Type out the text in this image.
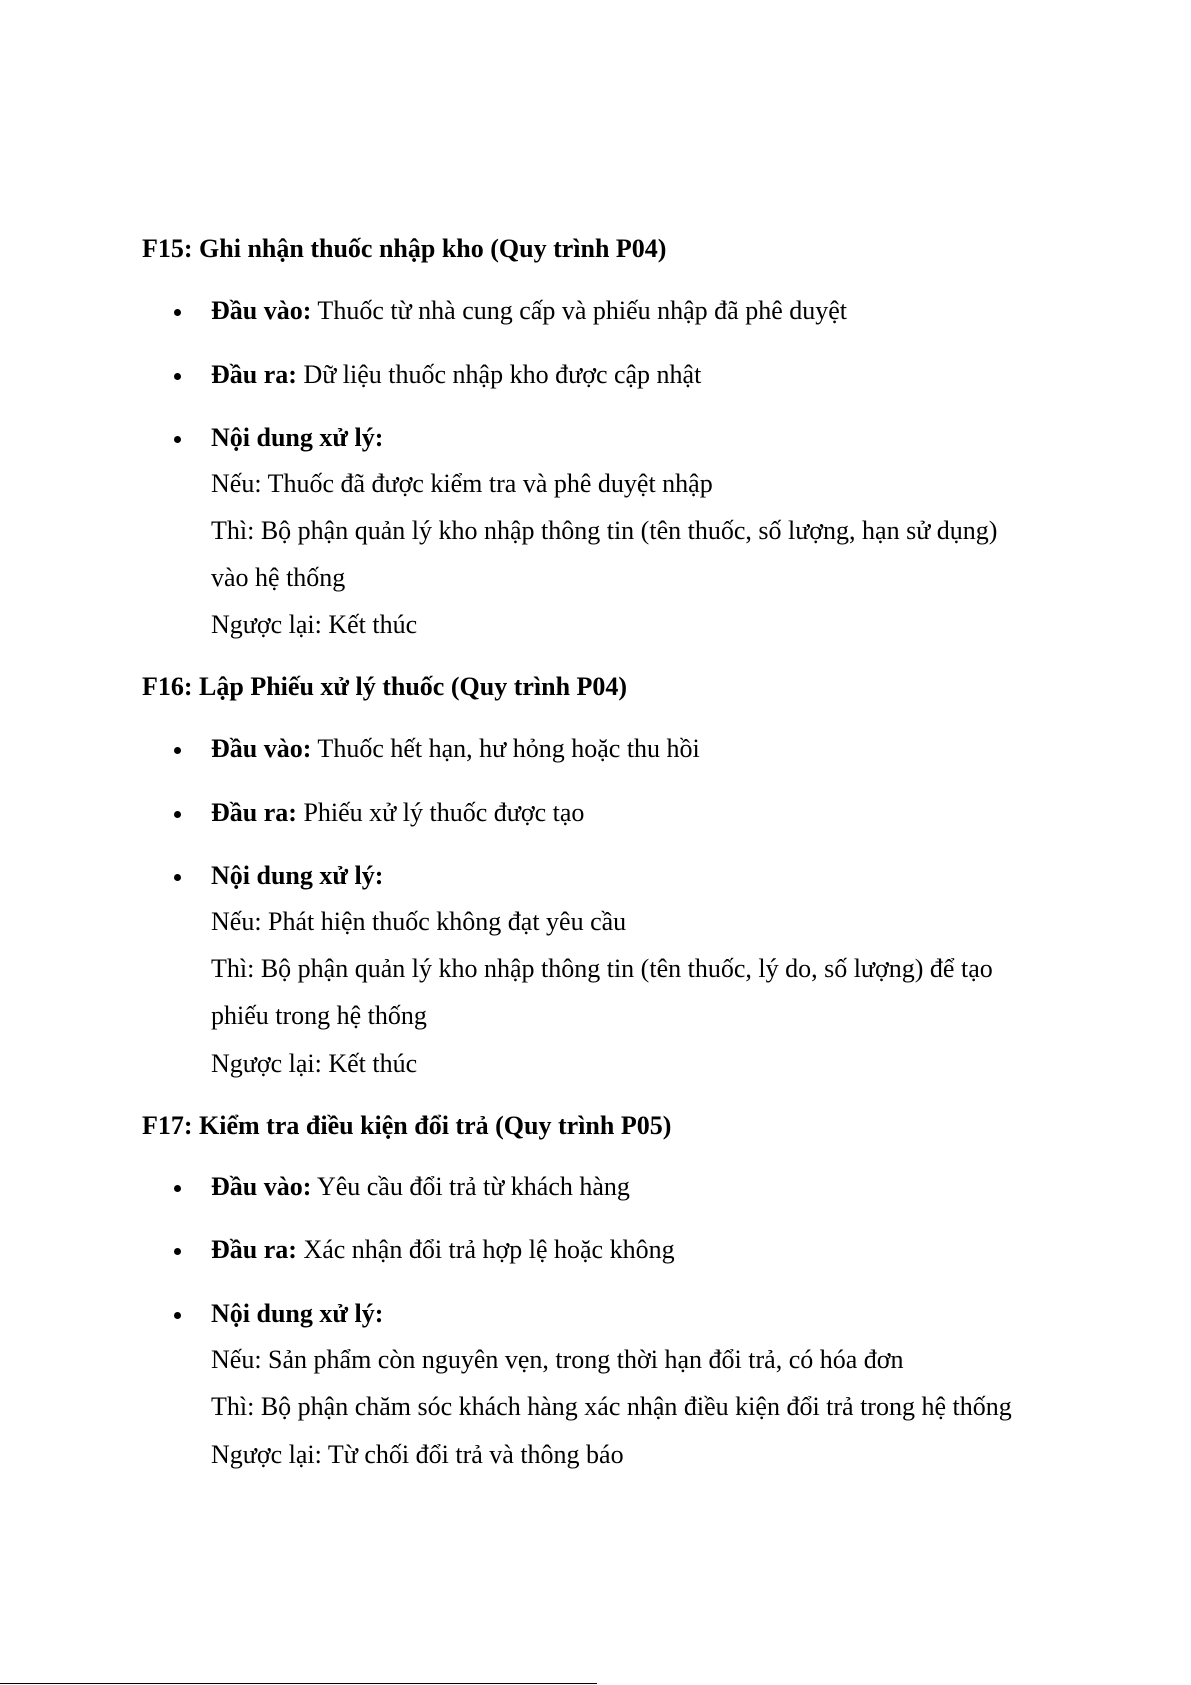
F15: Ghi nhận thuốc nhập kho (Quy trình P04)

Đầu vào: Thuốc từ nhà cung cấp và phiếu nhập đã phê duyệt

Đầu ra: Dữ liệu thuốc nhập kho được cập nhật

Nội dung xử lý:

Nếu: Thuốc đã được kiểm tra và phê duyệt nhập

Thì: Bộ phận quản lý kho nhập thông tin (tên thuốc, số lượng, hạn sử dụng)

vào hệ thống

Ngược lại: Kết thúc

F16: Lập Phiếu xử lý thuốc (Quy trình P04)

Đầu vào: Thuốc hết hạn, hư hỏng hoặc thu hồi

Đầu ra: Phiếu xử lý thuốc được tạo

Nội dung xử lý:

Nếu: Phát hiện thuốc không đạt yêu cầu

Thì: Bộ phận quản lý kho nhập thông tin (tên thuốc, lý do, số lượng) để tạo

phiếu trong hệ thống

Ngược lại: Kết thúc

F17: Kiểm tra điều kiện đổi trả (Quy trình P05)

Đầu vào: Yêu cầu đổi trả từ khách hàng

Đầu ra: Xác nhận đổi trả hợp lệ hoặc không

Nội dung xử lý:

Nếu: Sản phẩm còn nguyên vẹn, trong thời hạn đổi trả, có hóa đơn

Thì: Bộ phận chăm sóc khách hàng xác nhận điều kiện đổi trả trong hệ thống

Ngược lại: Từ chối đổi trả và thông báo
